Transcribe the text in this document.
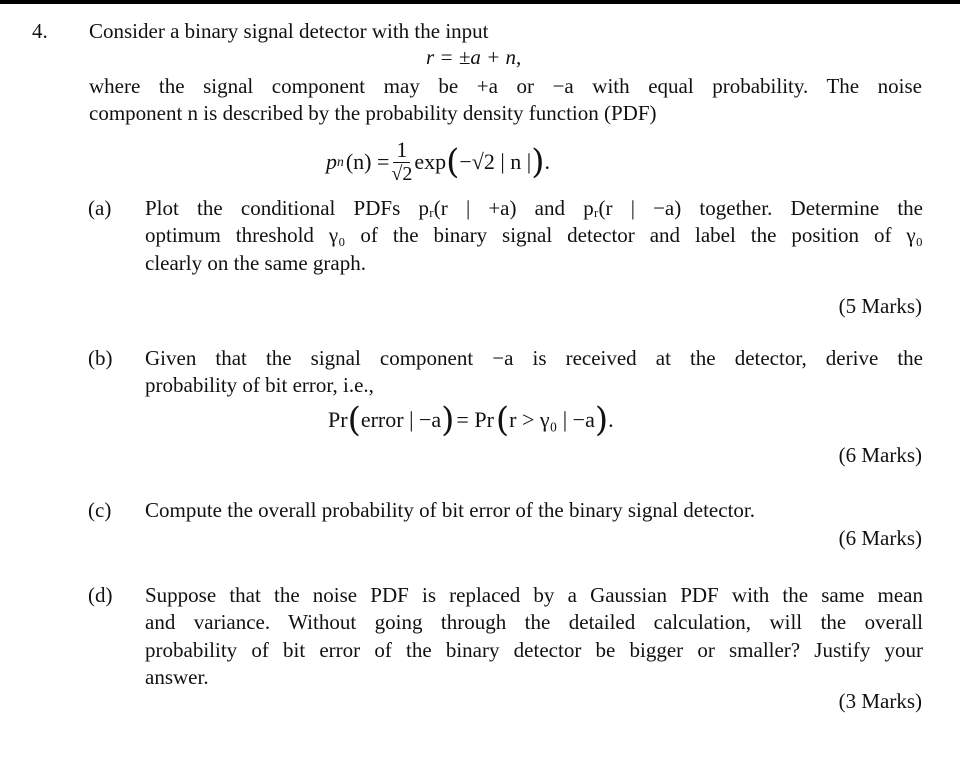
4. Consider a binary signal detector with the input
r = ±a + n,
where the signal component may be +a or −a with equal probability. The noise
component n is described by the probability density function (PDF)
p n $(n) = \frac{1}{√2}$ exp ( −√2 | n | ) .
(a) Plot the conditional PDFs pᵣ(r | +a) and pᵣ(r | −a) together. Determine the
optimum threshold γ₀ of the binary signal detector and label the position of γ₀
clearly on the same graph.
(5 Marks)
(b) Given that the signal component −a is received at the detector, derive the
probability of bit error, i.e.,
Pr ( error | −a ) = Pr ( r > γ₀ | −a ) .
(6 Marks)
(c) Compute the overall probability of bit error of the binary signal detector.
(6 Marks)
(d) Suppose that the noise PDF is replaced by a Gaussian PDF with the same mean
and variance. Without going through the detailed calculation, will the overall
probability of bit error of the binary detector be bigger or smaller? Justify your
answer.
(3 Marks)
